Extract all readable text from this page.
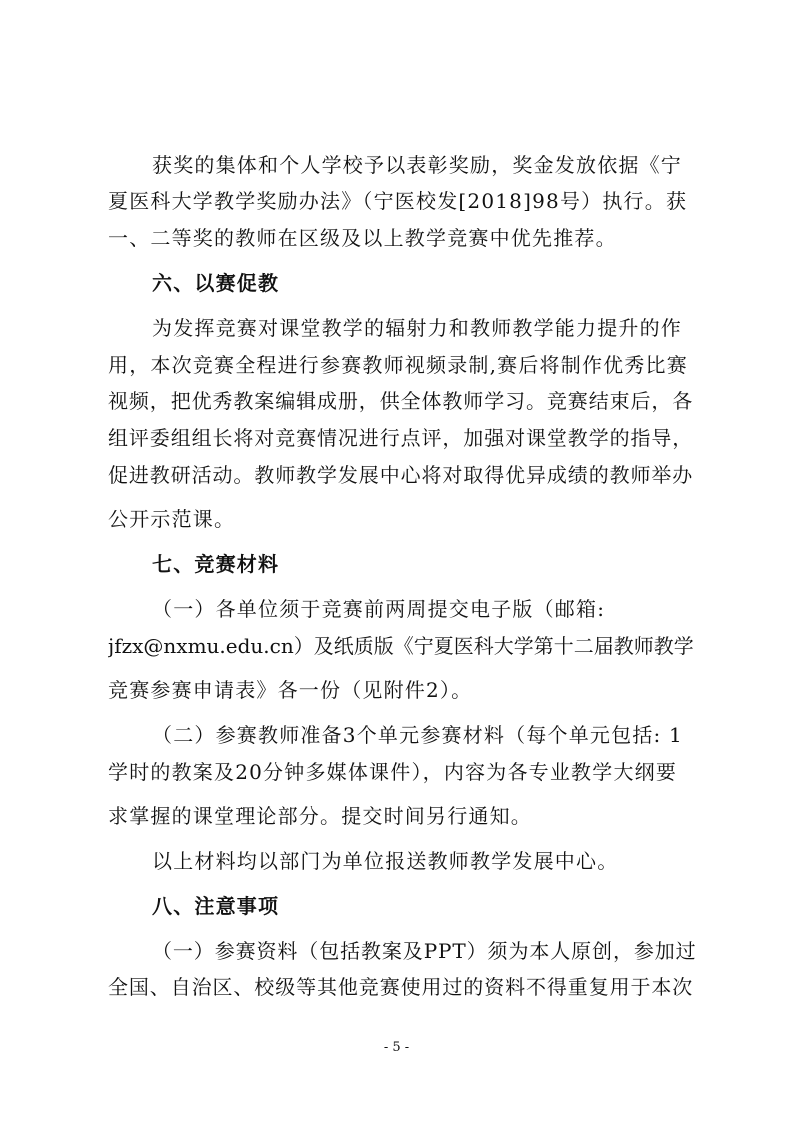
获奖的集体和个人学校予以表彰奖励，奖金发放依据《宁
夏医科大学教学奖励办法》（宁医校发[2018]98号）执行。获
一、二等奖的教师在区级及以上教学竞赛中优先推荐。
六、以赛促教
为发挥竞赛对课堂教学的辐射力和教师教学能力提升的作
用，本次竞赛全程进行参赛教师视频录制,赛后将制作优秀比赛
视频，把优秀教案编辑成册，供全体教师学习。竞赛结束后，各
组评委组组长将对竞赛情况进行点评，加强对课堂教学的指导，
促进教研活动。教师教学发展中心将对取得优异成绩的教师举办
公开示范课。
七、竞赛材料
（一）各单位须于竞赛前两周提交电子版（邮箱:
jfzx@nxmu.edu.cn）及纸质版《宁夏医科大学第十二届教师教学
竞赛参赛申请表》各一份（见附件2）。
（二）参赛教师准备3个单元参赛材料（每个单元包括: 1
学时的教案及20分钟多媒体课件），内容为各专业教学大纲要
求掌握的课堂理论部分。提交时间另行通知。
以上材料均以部门为单位报送教师教学发展中心。
八、注意事项
（一）参赛资料（包括教案及PPT）须为本人原创，参加过
全国、自治区、校级等其他竞赛使用过的资料不得重复用于本次
- 5 -
